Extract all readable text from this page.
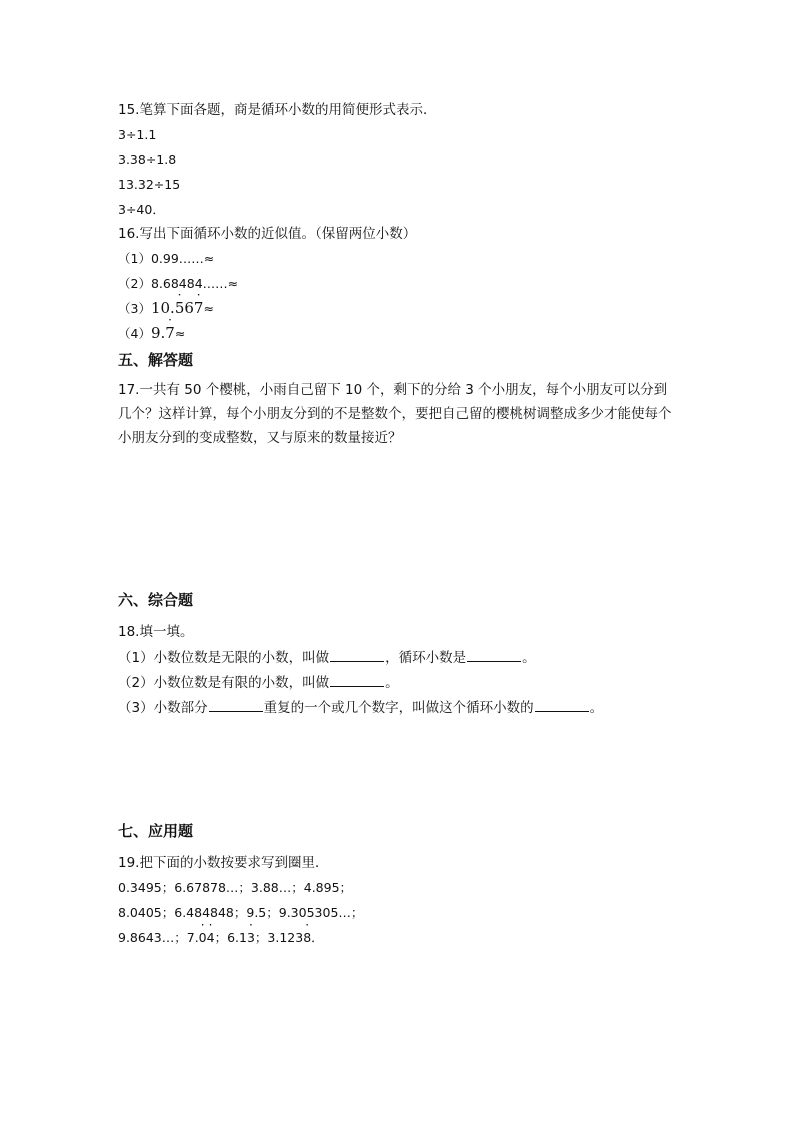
15.笔算下面各题，商是循环小数的用简便形式表示．
3÷1.1
3.38÷1.8
13.32÷15
3÷40．
16.写出下面循环小数的近似值。（保留两位小数）
（1）0.99……≈
（2）8.68484……≈
（3）10.· 56· 7≈
（4）9.· 7≈
五、解答题
17.一共有 50 个樱桃，小雨自己留下 10 个，剩下的分给 3 个小朋友，每个小朋友可以分到几个？这样计算，每个小朋友分到的不是整数个，要把自己留的樱桃树调整成多少才能使每个小朋友分到的变成整数，又与原来的数量接近？
六、综合题
18.填一填。
（1）小数位数是无限的小数，叫做	，循环小数是	。
（2）小数位数是有限的小数，叫做	。
（3）小数部分	重复的一个或几个数字，叫做这个循环小数的	。
七、应用题
19.把下面的小数按要求写到圈里．
0.3495；6.67878…；3.88…；4.895；
8.0405；6.484848；9.5；9.305305…；
9.8643…；7.· 0· 4；6.1· 3；3.123· 8．
